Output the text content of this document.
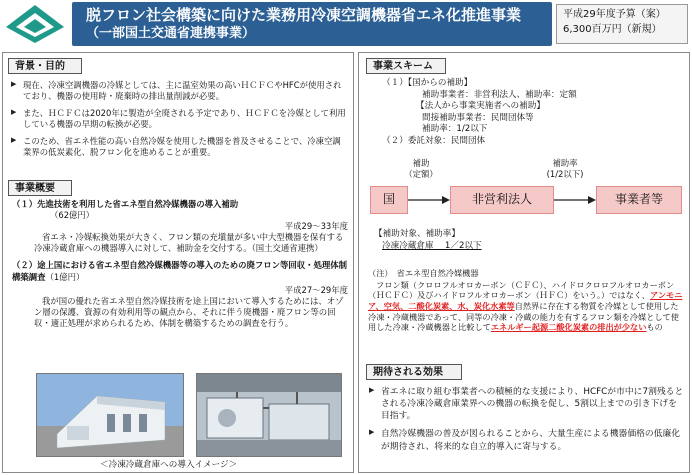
脱フロン社会構築に向けた業務用冷凍空調機器省エネ化推進事業
（一部国土交通省連携事業）
平成29年度予算（案）
6,300百万円（新規）
背景・目的
▶ 現在、冷凍空調機器の冷媒としては、主に温室効果の高いＨＣＦＣやHFCが使用されており、機器の使用時・廃棄時の排出量削減が必要。
▶ また、ＨＣＦＣは2020年に製造が全廃される予定であり、ＨＣＦＣを冷媒として利用している機器の早期の転換が必要。
▶ このため、省エネ性能の高い自然冷媒を使用した機器を普及させることで、冷凍空調業界の低炭素化、脱フロン化を進めることが重要。
事業概要
（１）先進技術を利用した省エネ型自然冷媒機器の導入補助
（62億円）
平成29～33年度
省エネ・冷媒転換効果が大きく、フロン類の充塡量が多い中大型機器を保有する冷凍冷蔵倉庫への機器導入に対して、補助金を交付する。（国土交通省連携）
（２）途上国における省エネ型自然冷媒機器等の導入のための廃フロン等回収・処理体制構築調査（1億円）
平成27～29年度
我が国の優れた省エネ型自然冷媒技術を途上国において導入するためには、オゾン層の保護、資源の有効利用等の観点から、それに伴う廃機器・廃フロン等の回収・適正処理が求められるため、体制を構築するための調査を行う。
＜冷凍冷蔵倉庫への導入イメージ＞
事業スキーム
（１）【国からの補助】
補助事業者：非営利法人、補助率：定額
【法人から事業実施者への補助】
間接補助事業者：民間団体等
補助率：1/2以下
（２）委託対象：民間団体
補助
（定額）
補助率
(1/2以下)
国	非営利法人	事業者等
【補助対象、補助率】
冷凍冷蔵倉庫　 1／2以下
（注）　省エネ型自然冷媒機器
フロン類（クロロフルオロカーボン（ＣＦＣ）、ハイドロクロロフルオロカーボン（ＨＣＦＣ）及びハイドロフルオロカーボン（ＨＦＣ）をいう。）ではなく、アンモニア、空気、二酸化炭素、水、炭化水素等自然界に存在する物質を冷媒として使用した冷凍・冷蔵機器であって、同等の冷凍・冷蔵の能力を有するフロン類を冷媒として使用した冷凍・冷蔵機器と比較してエネルギー起源二酸化炭素の排出が少ないもの
期待される効果
▶ 省エネに取り組む事業者への積極的な支援により、HCFCが市中に7割残るとされる冷凍冷蔵倉庫業界への機器の転換を促し、5割以上までの引き下げを目指す。
▶ 自然冷媒機器の普及が図られることから、大量生産による機器価格の低廉化が期待され、将来的な自立的導入に寄与する。
